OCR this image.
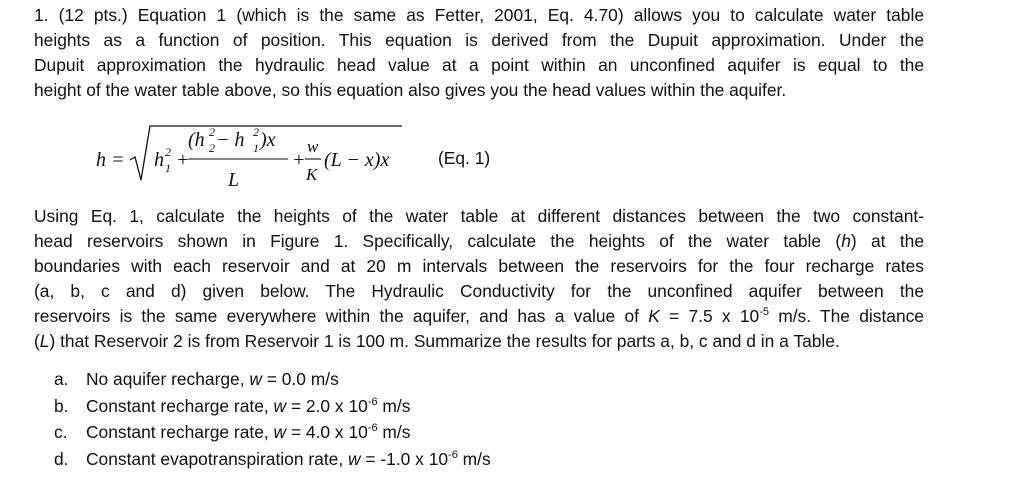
1. (12 pts.) Equation 1 (which is the same as Fetter, 2001, Eq. 4.70) allows you to calculate water table
heights as a function of position. This equation is derived from the Dupuit approximation. Under the
Dupuit approximation the hydraulic head value at a point within an unconfined aquifer is equal to the
height of the water table above, so this equation also gives you the head values within the aquifer.

h = h 2
1 +
(h 2
2 − h 2
1 )x
L
+
w
K
(L − x)x	(Eq. 1)

Using Eq. 1, calculate the heights of the water table at different distances between the two constant-
head reservoirs shown in Figure 1. Specifically, calculate the heights of the water table (h) at the
boundaries with each reservoir and at 20 m intervals between the reservoirs for the four recharge rates
(a, b, c and d) given below. The Hydraulic Conductivity for the unconfined aquifer between the
reservoirs is the same everywhere within the aquifer, and has a value of K = 7.5 x $10^{-5}$ m/s. The distance
(L) that Reservoir 2 is from Reservoir 1 is 100 m. Summarize the results for parts a, b, c and d in a Table.

a.	No aquifer recharge, w = 0.0 m/s
b.	Constant recharge rate, w = 2.0 x $10^{-6}$ m/s
c.	Constant recharge rate, w = 4.0 x $10^{-6}$ m/s
d.	Constant evapotranspiration rate, w = -1.0 x $10^{-6}$ m/s
